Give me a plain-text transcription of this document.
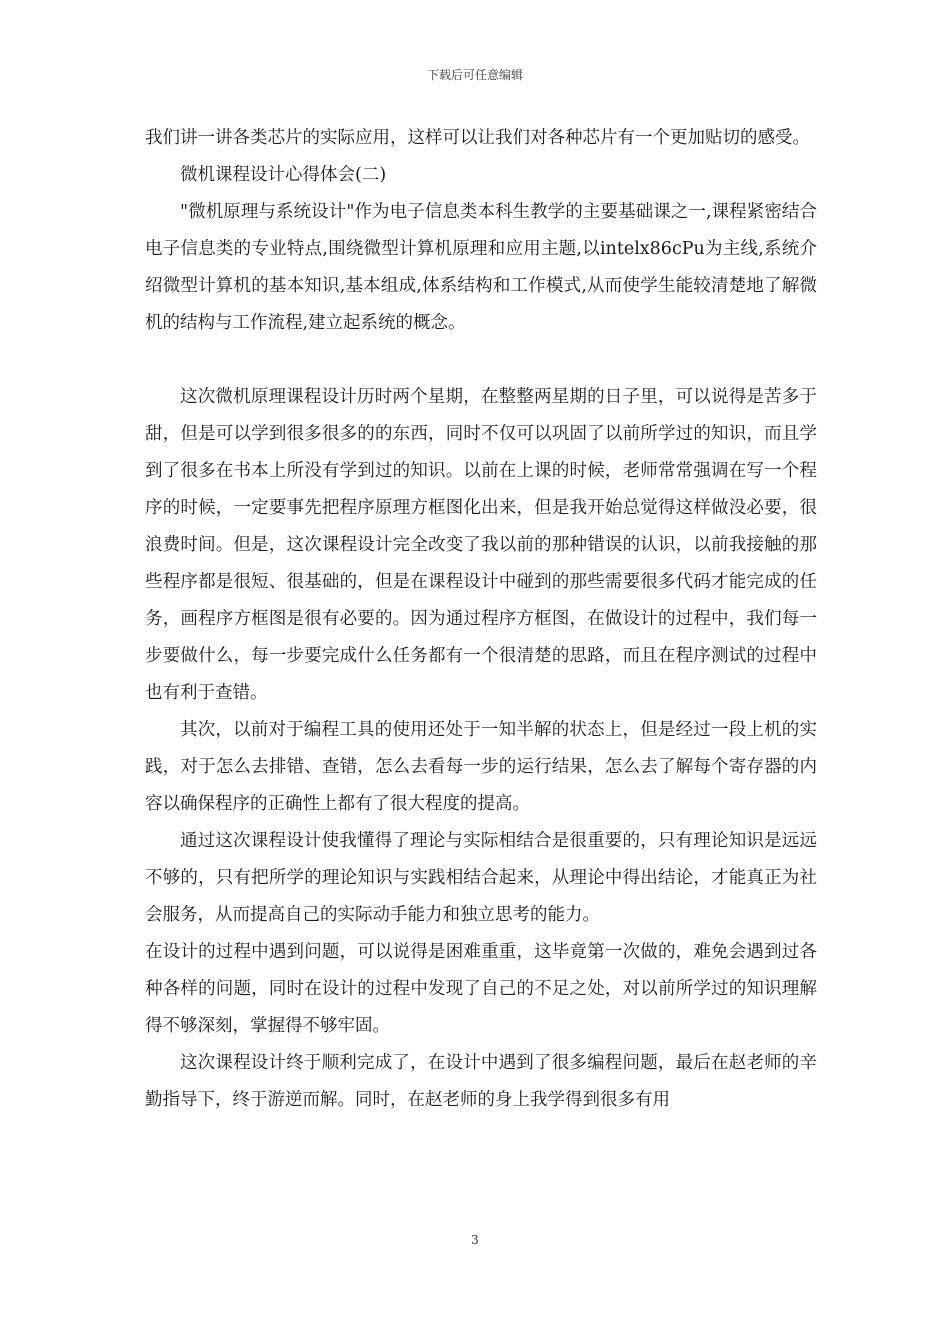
下载后可任意编辑

我们讲一讲各类芯片的实际应用，这样可以让我们对各种芯片有一个更加贴切的感受。

微机课程设计心得体会(二)

"微机原理与系统设计"作为电子信息类本科生教学的主要基础课之一,课程紧密结合电子信息类的专业特点,围绕微型计算机原理和应用主题,以intelx86cPu为主线,系统介绍微型计算机的基本知识,基本组成,体系结构和工作模式,从而使学生能较清楚地了解微机的结构与工作流程,建立起系统的概念。

这次微机原理课程设计历时两个星期，在整整两星期的日子里，可以说得是苦多于甜，但是可以学到很多很多的的东西，同时不仅可以巩固了以前所学过的知识，而且学到了很多在书本上所没有学到过的知识。以前在上课的时候，老师常常强调在写一个程序的时候，一定要事先把程序原理方框图化出来，但是我开始总觉得这样做没必要，很浪费时间。但是，这次课程设计完全改变了我以前的那种错误的认识，以前我接触的那些程序都是很短、很基础的，但是在课程设计中碰到的那些需要很多代码才能完成的任务，画程序方框图是很有必要的。因为通过程序方框图，在做设计的过程中，我们每一步要做什么，每一步要完成什么任务都有一个很清楚的思路，而且在程序测试的过程中也有利于查错。

其次，以前对于编程工具的使用还处于一知半解的状态上，但是经过一段上机的实践，对于怎么去排错、查错，怎么去看每一步的运行结果，怎么去了解每个寄存器的内容以确保程序的正确性上都有了很大程度的提高。

通过这次课程设计使我懂得了理论与实际相结合是很重要的，只有理论知识是远远不够的，只有把所学的理论知识与实践相结合起来，从理论中得出结论，才能真正为社会服务，从而提高自己的实际动手能力和独立思考的能力。

在设计的过程中遇到问题，可以说得是困难重重，这毕竟第一次做的，难免会遇到过各种各样的问题，同时在设计的过程中发现了自己的不足之处，对以前所学过的知识理解得不够深刻，掌握得不够牢固。

这次课程设计终于顺利完成了，在设计中遇到了很多编程问题，最后在赵老师的辛勤指导下，终于游逆而解。同时，在赵老师的身上我学得到很多有用

3
